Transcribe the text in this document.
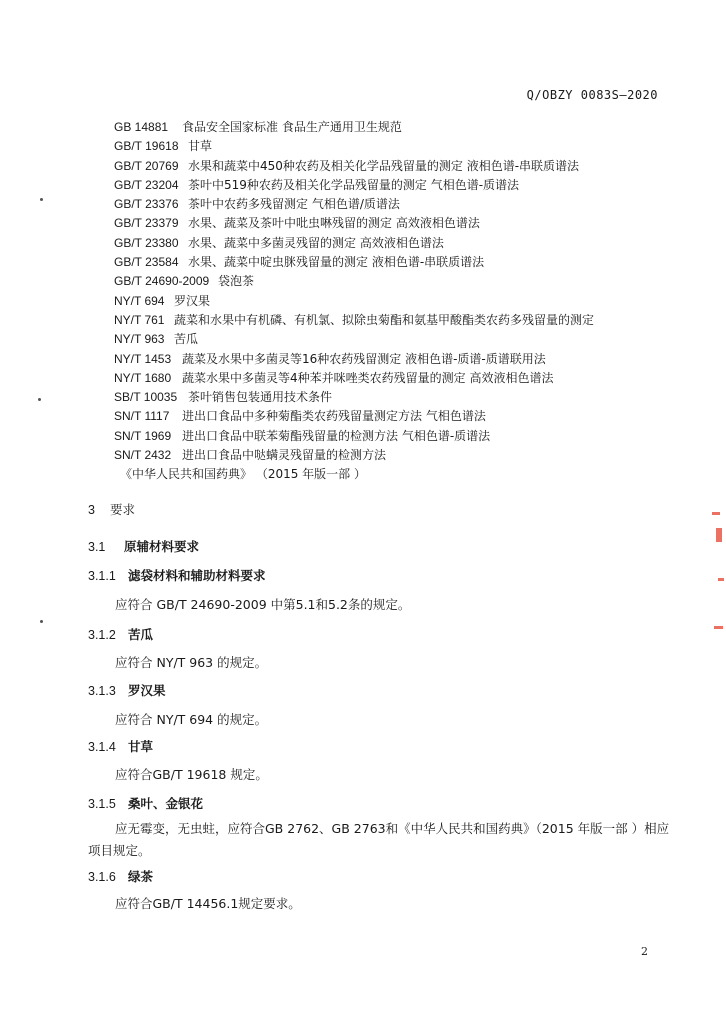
Q/OBZY 0083S—2020
GB 14881 食品安全国家标准 食品生产通用卫生规范
GB/T 19618 甘草
GB/T 20769 水果和蔬菜中450种农药及相关化学品残留量的测定 液相色谱-串联质谱法
GB/T 23204 茶叶中519种农药及相关化学品残留量的测定 气相色谱-质谱法
GB/T 23376 茶叶中农药多残留测定 气相色谱/质谱法
GB/T 23379 水果、蔬菜及茶叶中吡虫啉残留的测定 高效液相色谱法
GB/T 23380 水果、蔬菜中多菌灵残留的测定 高效液相色谱法
GB/T 23584 水果、蔬菜中啶虫脒残留量的测定 液相色谱-串联质谱法
GB/T 24690-2009 袋泡茶
NY/T 694 罗汉果
NY/T 761 蔬菜和水果中有机磷、有机氯、拟除虫菊酯和氨基甲酸酯类农药多残留量的测定
NY/T 963 苦瓜
NY/T 1453 蔬菜及水果中多菌灵等16种农药残留测定 液相色谱-质谱-质谱联用法
NY/T 1680 蔬菜水果中多菌灵等4种苯并咪唑类农药残留量的测定 高效液相色谱法
SB/T 10035 茶叶销售包装通用技术条件
SN/T 1117 进出口食品中多种菊酯类农药残留量测定方法 气相色谱法
SN/T 1969 进出口食品中联苯菊酯残留量的检测方法 气相色谱-质谱法
SN/T 2432 进出口食品中哒螨灵残留量的检测方法
《中华人民共和国药典》 （2015 年版一部 ）
3 要求
3.1 原辅材料要求
3.1.1 滤袋材料和辅助材料要求
应符合 GB/T 24690-2009 中第5.1和5.2条的规定。
3.1.2 苦瓜
应符合 NY/T 963 的规定。
3.1.3 罗汉果
应符合 NY/T 694 的规定。
3.1.4 甘草
应符合GB/T 19618 规定。
3.1.5 桑叶、金银花
应无霉变，无虫蛀，应符合GB 2762、GB 2763和《中华人民共和国药典》（2015 年版一部 ）相应项目规定。
3.1.6 绿茶
应符合GB/T 14456.1规定要求。
2
